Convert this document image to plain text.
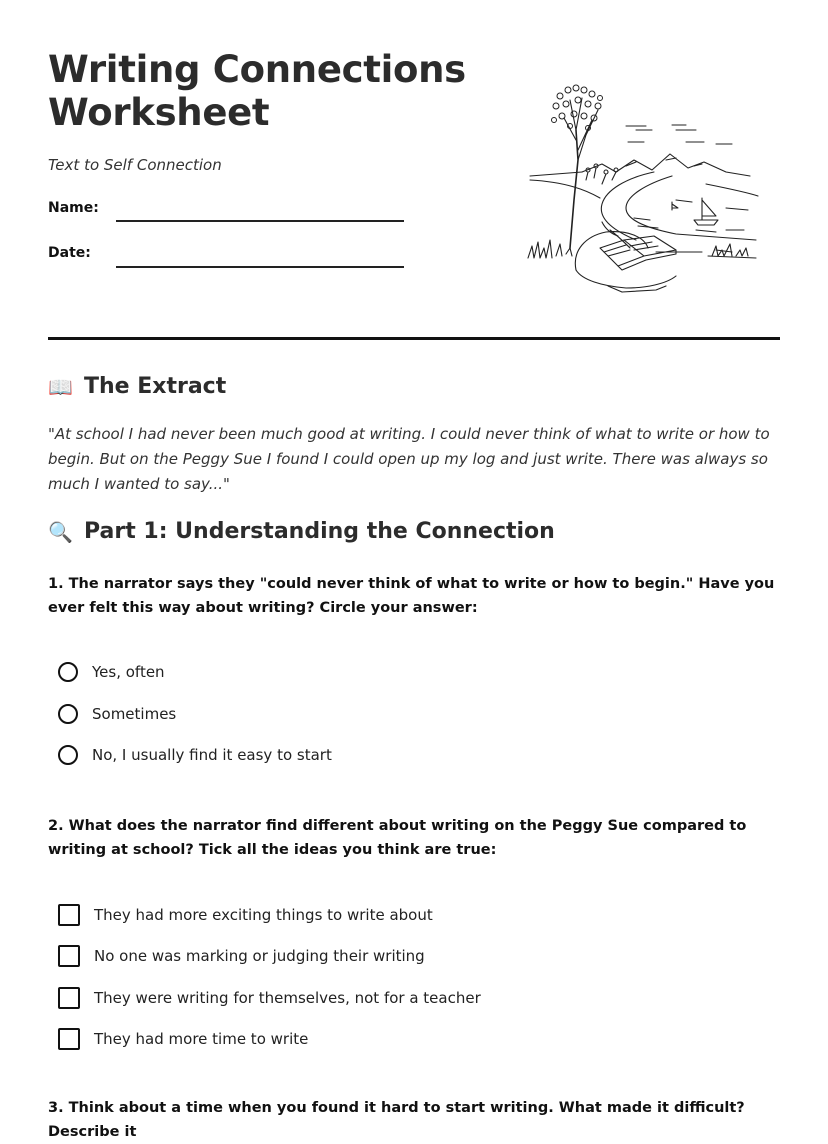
Writing Connections Worksheet
Text to Self Connection
Name:
Date:
📖 The Extract

"At school I had never been much good at writing. I could never think of what to write or how to begin. But on the Peggy Sue I found I could open up my log and just write. There was always so much I wanted to say..."

🔍 Part 1: Understanding the Connection

1. The narrator says they "could never think of what to write or how to begin." Have you ever felt this way about writing? Circle your answer:

Yes, often
Sometimes
No, I usually find it easy to start

2. What does the narrator find different about writing on the Peggy Sue compared to writing at school? Tick all the ideas you think are true:

They had more exciting things to write about
No one was marking or judging their writing
They were writing for themselves, not for a teacher
They had more time to write

3. Think about a time when you found it hard to start writing. What made it difficult? Describe it
